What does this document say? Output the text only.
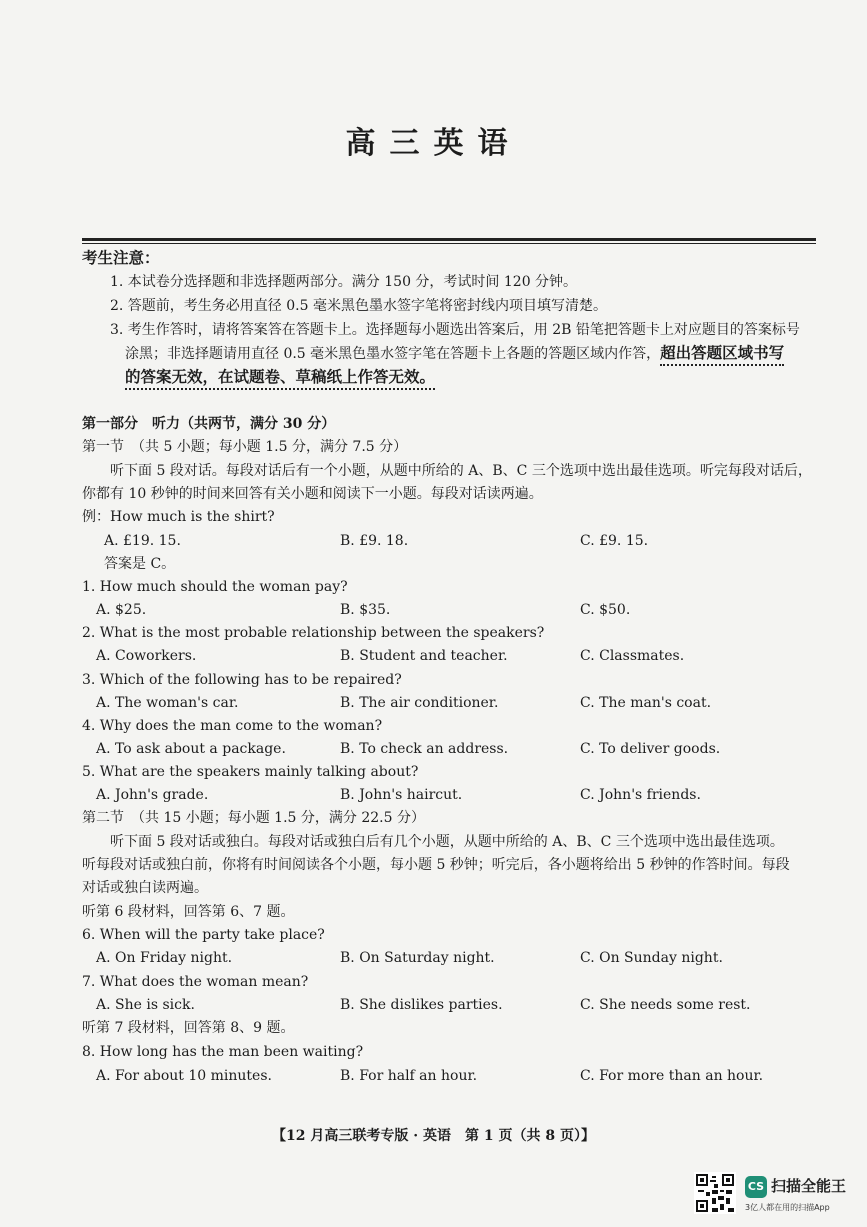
高三英语
考生注意：
1. 本试卷分选择题和非选择题两部分。满分 150 分，考试时间 120 分钟。
2. 答题前，考生务必用直径 0.5 毫米黑色墨水签字笔将密封线内项目填写清楚。
3. 考生作答时，请将答案答在答题卡上。选择题每小题选出答案后，用 2B 铅笔把答题卡上对应题目的答案标号
涂黑；非选择题请用直径 0.5 毫米黑色墨水签字笔在答题卡上各题的答题区域内作答，超出答题区域书写
的答案无效，在试题卷、草稿纸上作答无效。
第一部分　听力（共两节，满分 30 分）
第一节　（共 5 小题；每小题 1.5 分，满分 7.5 分）
听下面 5 段对话。每段对话后有一个小题，从题中所给的 A、B、C 三个选项中选出最佳选项。听完每段对话后，
你都有 10 秒钟的时间来回答有关小题和阅读下一小题。每段对话读两遍。
例：How much is the shirt?
A. £19. 15.	B. £9. 18.	C. £9. 15.
答案是 C。
1. How much should the woman pay?
A. $25.	B. $35.	C. $50.
2. What is the most probable relationship between the speakers?
A. Coworkers.	B. Student and teacher.	C. Classmates.
3. Which of the following has to be repaired?
A. The woman's car.	B. The air conditioner.	C. The man's coat.
4. Why does the man come to the woman?
A. To ask about a package.	B. To check an address.	C. To deliver goods.
5. What are the speakers mainly talking about?
A. John's grade.	B. John's haircut.	C. John's friends.
第二节　（共 15 小题；每小题 1.5 分，满分 22.5 分）
听下面 5 段对话或独白。每段对话或独白后有几个小题，从题中所给的 A、B、C 三个选项中选出最佳选项。
听每段对话或独白前，你将有时间阅读各个小题，每小题 5 秒钟；听完后，各小题将给出 5 秒钟的作答时间。每段
对话或独白读两遍。
听第 6 段材料，回答第 6、7 题。
6. When will the party take place?
A. On Friday night.	B. On Saturday night.	C. On Sunday night.
7. What does the woman mean?
A. She is sick.	B. She dislikes parties.	C. She needs some rest.
听第 7 段材料，回答第 8、9 题。
8. How long has the man been waiting?
A. For about 10 minutes.	B. For half an hour.	C. For more than an hour.
【12 月高三联考专版 · 英语　第 1 页（共 8 页）】
CS 扫描全能王
3亿人都在用的扫描App
